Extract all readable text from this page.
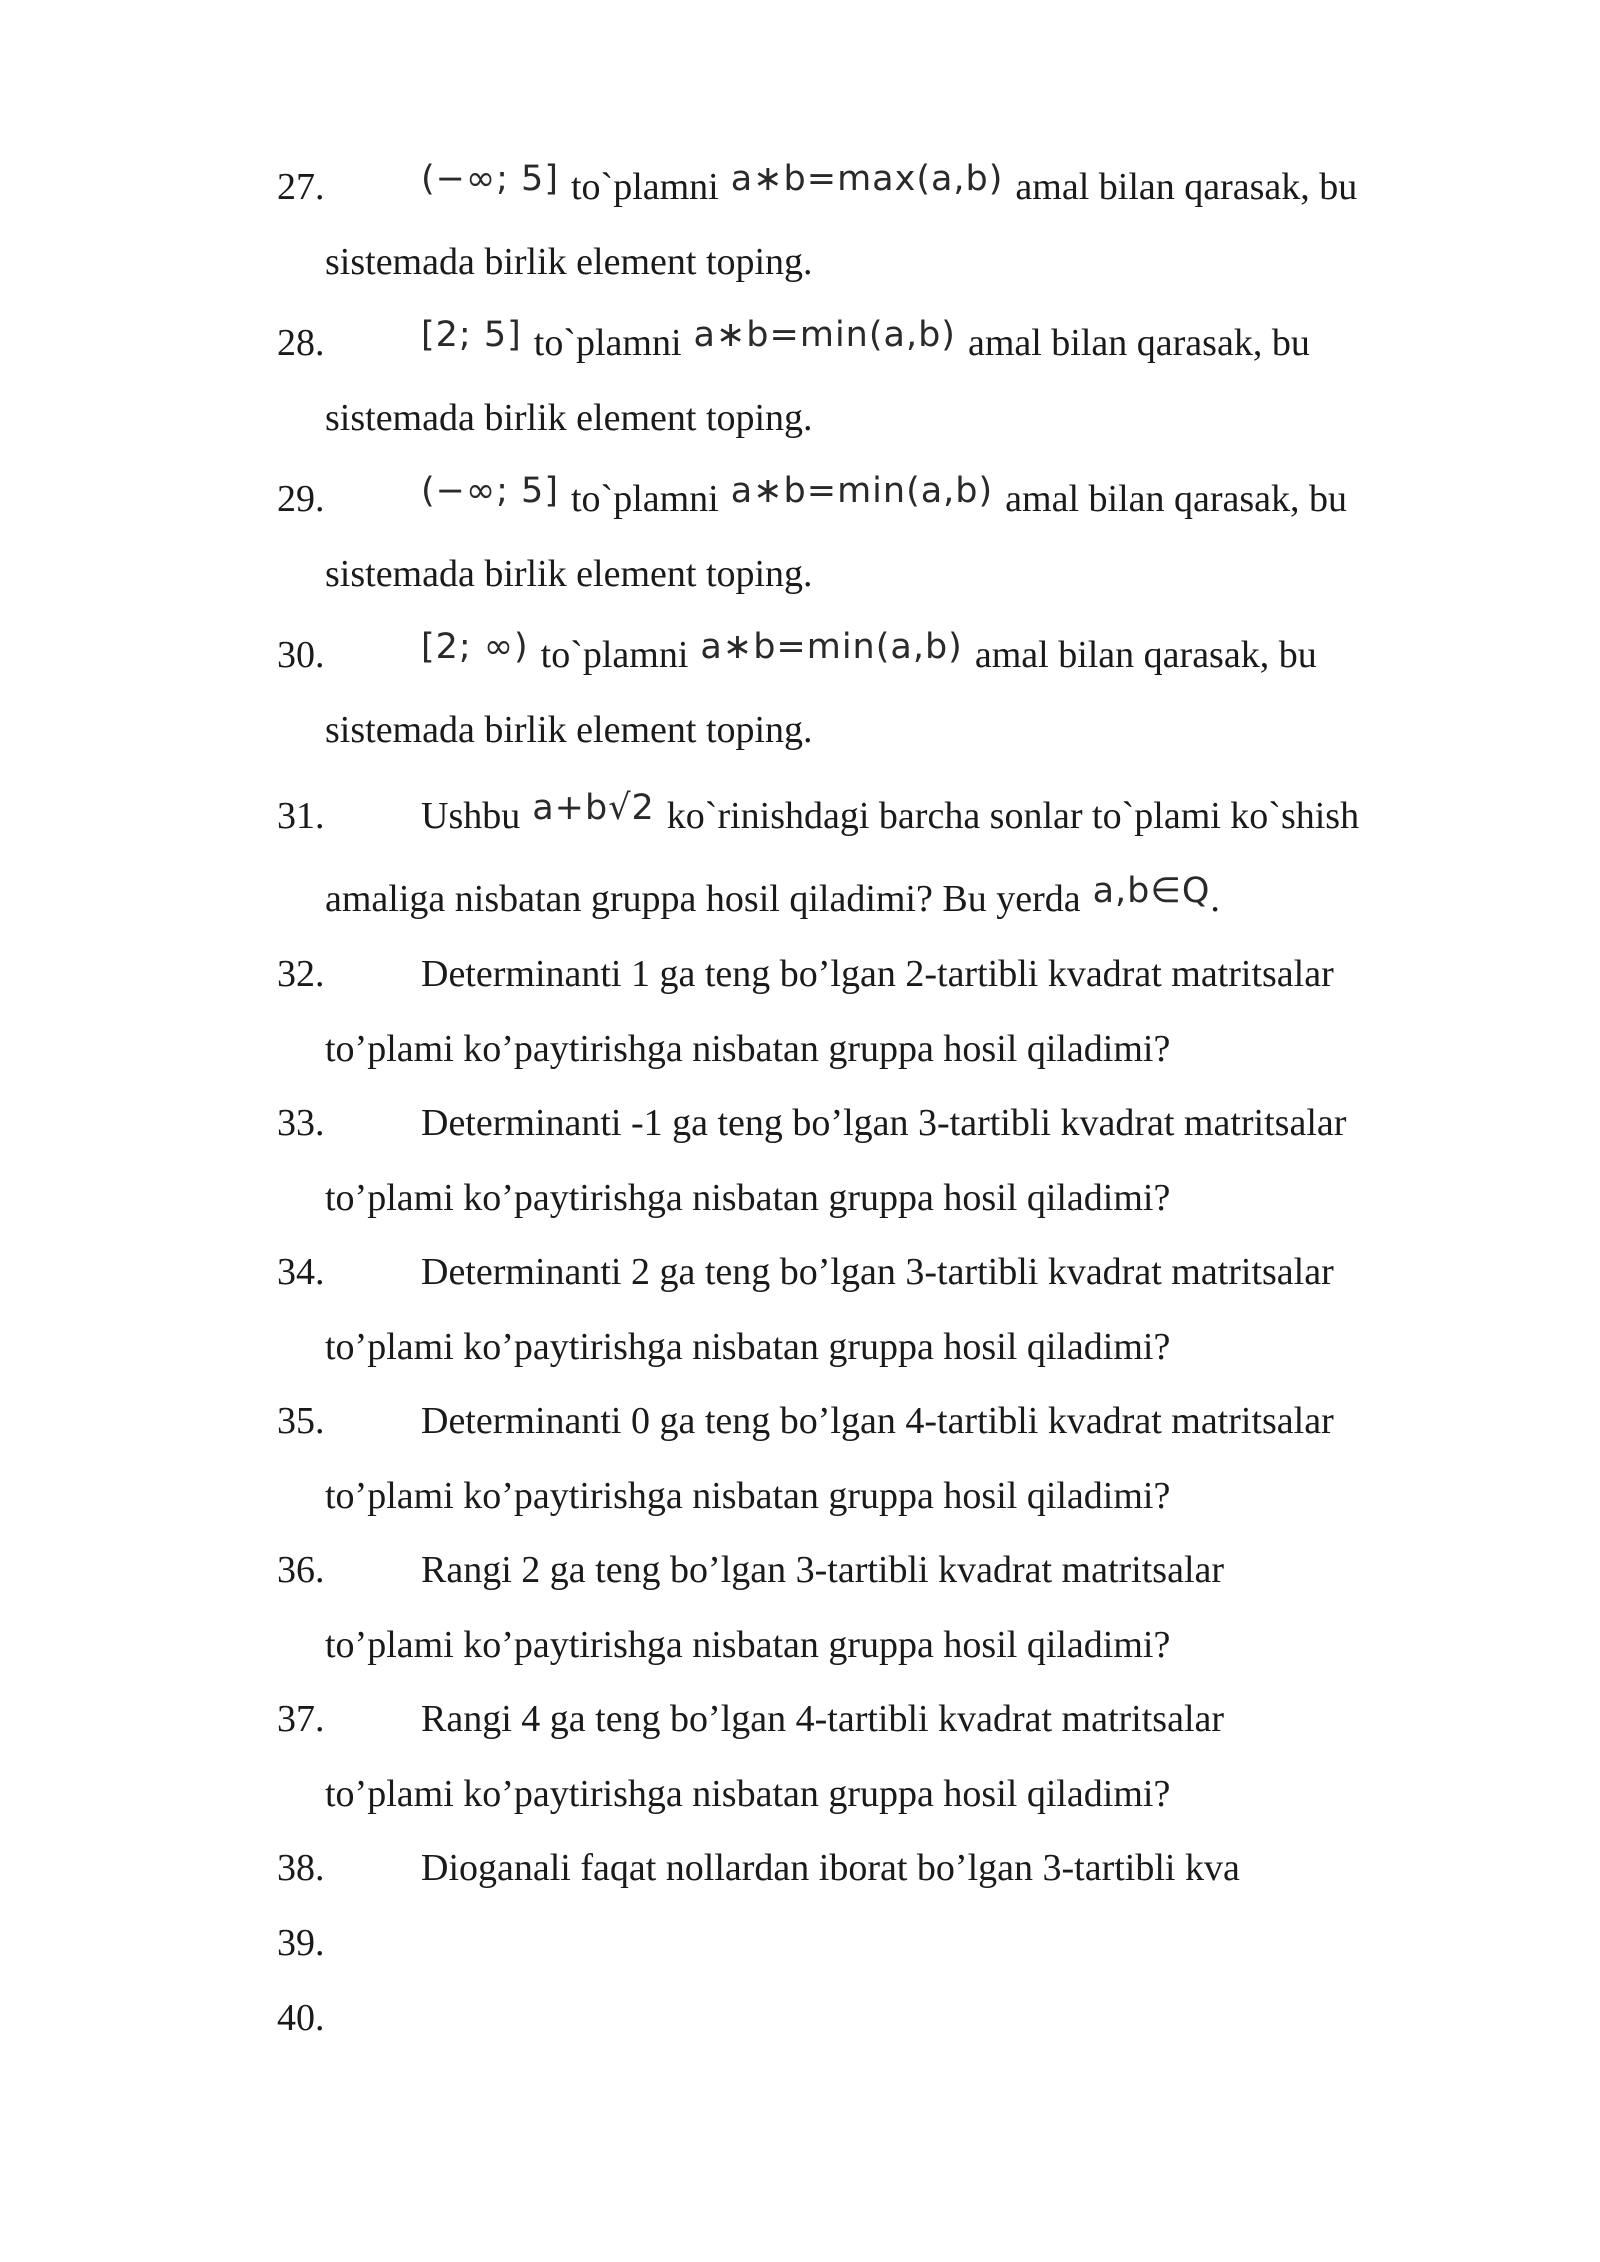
27.	(−∞; 5] to`plamni a∗b=max(a,b) amal bilan qarasak, bu
sistemada birlik element toping.
28.	[2; 5] to`plamni a∗b=min(a,b) amal bilan qarasak, bu
sistemada birlik element toping.
29.	(−∞; 5] to`plamni a∗b=min(a,b) amal bilan qarasak, bu
sistemada birlik element toping.
30.	[2; ∞) to`plamni a∗b=min(a,b) amal bilan qarasak, bu
sistemada birlik element toping.
31.	Ushbu a+b√2 ko`rinishdagi barcha sonlar to`plami ko`shish
amaliga nisbatan gruppa hosil qiladimi? Bu yerda a,b∈Q.
32.	Determinanti 1 ga teng bo’lgan 2-tartibli kvadrat matritsalar
to’plami ko’paytirishga nisbatan gruppa hosil qiladimi?
33.	Determinanti -1 ga teng bo’lgan 3-tartibli kvadrat matritsalar
to’plami ko’paytirishga nisbatan gruppa hosil qiladimi?
34.	Determinanti 2 ga teng bo’lgan 3-tartibli kvadrat matritsalar
to’plami ko’paytirishga nisbatan gruppa hosil qiladimi?
35.	Determinanti 0 ga teng bo’lgan 4-tartibli kvadrat matritsalar
to’plami ko’paytirishga nisbatan gruppa hosil qiladimi?
36.	Rangi 2 ga teng bo’lgan 3-tartibli kvadrat matritsalar
to’plami ko’paytirishga nisbatan gruppa hosil qiladimi?
37.	Rangi 4 ga teng bo’lgan 4-tartibli kvadrat matritsalar
to’plami ko’paytirishga nisbatan gruppa hosil qiladimi?
38.	Dioganali faqat nollardan iborat bo’lgan 3-tartibli kva
39.
40.
